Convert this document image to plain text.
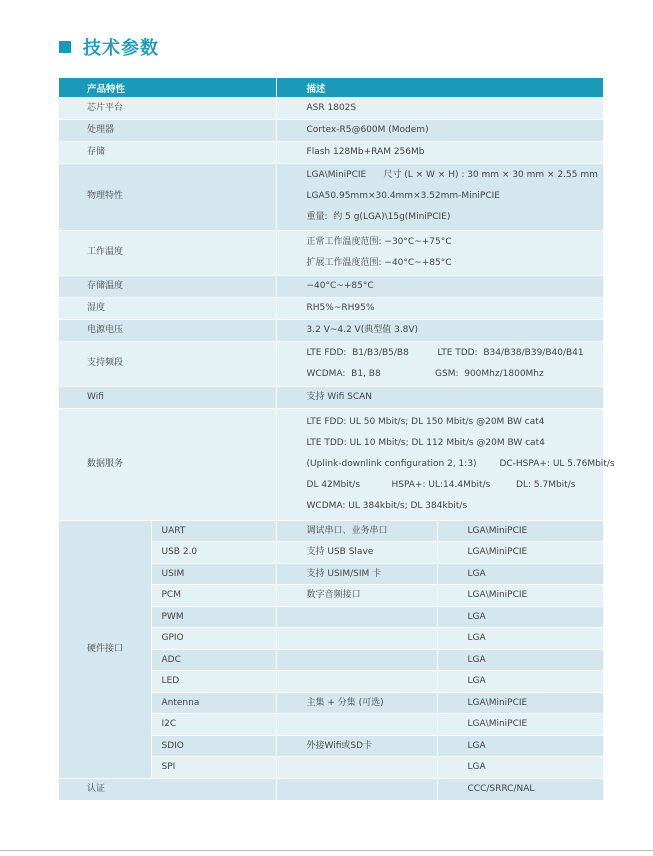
技术参数
产品特性		描述	
芯片平台		ASR 1802S	

处理器		Cortex-R5@600M (Modem)	

存储		Flash 128Mb+RAM 256Mb	

物理特性		LGA\MiniPCIE      尺寸 (L × W × H) : 30 mm × 30 mm × 2.55 mm
LGA50.95mm×30.4mm×3.52mm-MiniPCIE
重量:  约 5 g(LGA)\15g(MiniPCIE)	

工作温度		正常工作温度范围: −30°C~+75°C
扩展工作温度范围: −40°C~+85°C	

存储温度		−40°C~+85°C	

湿度		RH5%~RH95%	

电源电压		3.2 V~4.2 V(典型值 3.8V)	

支持频段		LTE FDD:  B1/B3/B5/B8          LTE TDD:  B34/B38/B39/B40/B41
WCDMA:  B1, B8                   GSM:  900Mhz/1800Mhz	

Wifi		支持 Wifi SCAN	

数据服务		LTE FDD: UL 50 Mbit/s; DL 150 Mbit/s @20M BW cat4
LTE TDD: UL 10 Mbit/s; DL 112 Mbit/s @20M BW cat4
(Uplink-downlink configuration 2, 1:3)        DC-HSPA+: UL 5.76Mbit/s
DL 42Mbit/s           HSPA+: UL:14.4Mbit/s         DL: 5.7Mbit/s
WCDMA: UL 384kbit/s; DL 384kbit/s	

硬件接口	UART	调试串口、业务串口	LGA\MiniPCIE
	USB 2.0	支持 USB Slave	LGA\MiniPCIE
	USIM	支持 USIM/SIM 卡	LGA
	PCM	数字音频接口	LGA\MiniPCIE
	PWM		LGA
	GPIO		LGA
	ADC		LGA
	LED		LGA
	Antenna	主集 + 分集 (可选)	LGA\MiniPCIE
	I2C		LGA\MiniPCIE
	SDIO	外接Wifi或SD卡	LGA
	SPI		LGA
认证			CCC/SRRC/NAL
